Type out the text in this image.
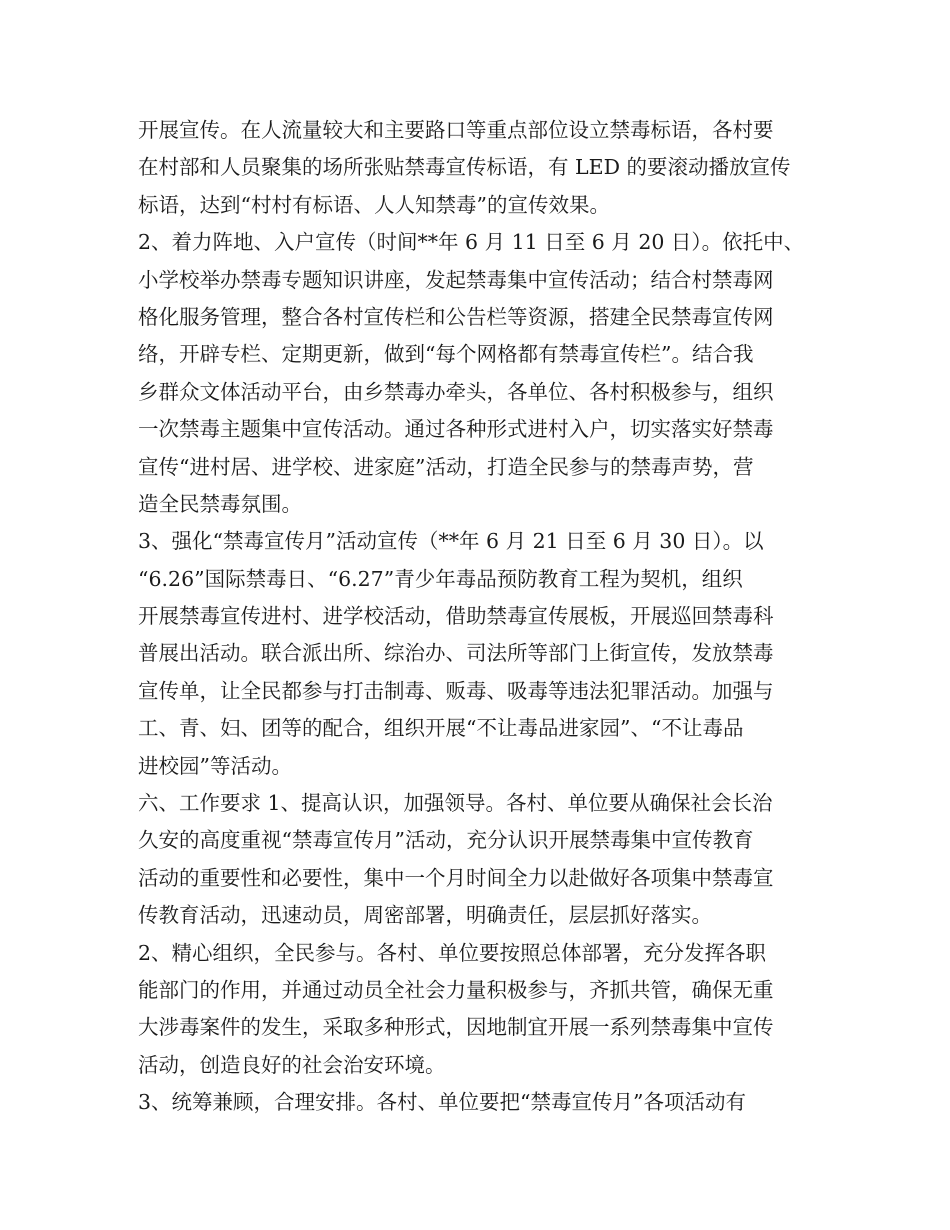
开展宣传。在人流量较大和主要路口等重点部位设立禁毒标语，各村要
在村部和人员聚集的场所张贴禁毒宣传标语，有 LED 的要滚动播放宣传
标语，达到“村村有标语、人人知禁毒”的宣传效果。
2、着力阵地、入户宣传（时间**年 6 月 11 日至 6 月 20 日）。依托中、
小学校举办禁毒专题知识讲座，发起禁毒集中宣传活动；结合村禁毒网
格化服务管理，整合各村宣传栏和公告栏等资源，搭建全民禁毒宣传网
络，开辟专栏、定期更新，做到“每个网格都有禁毒宣传栏”。结合我
乡群众文体活动平台，由乡禁毒办牵头，各单位、各村积极参与，组织
一次禁毒主题集中宣传活动。通过各种形式进村入户，切实落实好禁毒
宣传“进村居、进学校、进家庭”活动，打造全民参与的禁毒声势，营
造全民禁毒氛围。
3、强化“禁毒宣传月”活动宣传（**年 6 月 21 日至 6 月 30 日）。以
“6.26”国际禁毒日、“6.27”青少年毒品预防教育工程为契机，组织
开展禁毒宣传进村、进学校活动，借助禁毒宣传展板，开展巡回禁毒科
普展出活动。联合派出所、综治办、司法所等部门上街宣传，发放禁毒
宣传单，让全民都参与打击制毒、贩毒、吸毒等违法犯罪活动。加强与
工、青、妇、团等的配合，组织开展“不让毒品进家园”、“不让毒品
进校园”等活动。
六、工作要求 1、提高认识，加强领导。各村、单位要从确保社会长治
久安的高度重视“禁毒宣传月”活动，充分认识开展禁毒集中宣传教育
活动的重要性和必要性，集中一个月时间全力以赴做好各项集中禁毒宣
传教育活动，迅速动员，周密部署，明确责任，层层抓好落实。
2、精心组织，全民参与。各村、单位要按照总体部署，充分发挥各职
能部门的作用，并通过动员全社会力量积极参与，齐抓共管，确保无重
大涉毒案件的发生，采取多种形式，因地制宜开展一系列禁毒集中宣传
活动，创造良好的社会治安环境。
3、统筹兼顾，合理安排。各村、单位要把“禁毒宣传月”各项活动有
